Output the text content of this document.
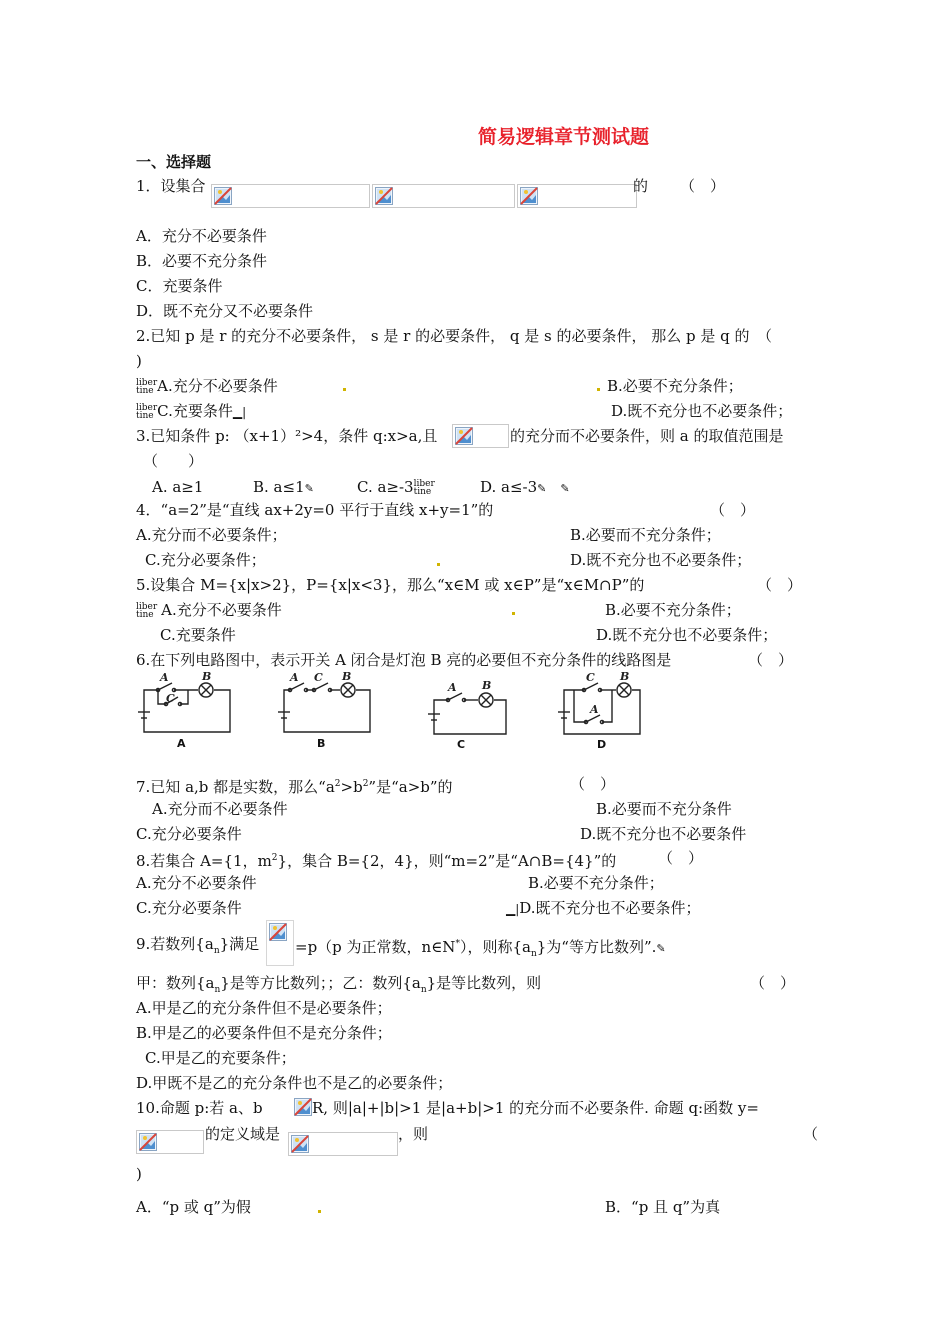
简易逻辑章节测试题
一、选择题
1．设集合	的 （　）
A．充分不必要条件
B．必要不充分条件
C．充要条件
D．既不充分又不必要条件
2.已知 p 是 r 的充分不必要条件， s 是 r 的必要条件， q 是 s 的必要条件， 那么 p 是 q 的　（
)
liber
tine A.充分不必要条件	B.必要不充分条件；
liber
tine C.充要条件▁|	D.既不充分也不必要条件；
3.已知条件 p: （x+1）²>4，条件 q:x>a,且	的充分而不必要条件，则 a 的取值范围是
（　　）
A. a≥1	B. a≤1✎	C. a≥-3liber
tine	D. a≤-3✎ ✎
4．“a=2”是“直线 ax+2y=0 平行于直线 x+y=1”的	（　）
A.充分而不必要条件；	B.必要而不充分条件；
C.充分必要条件；	D.既不充分也不必要条件；
5.设集合 M={x|x>2}，P={x|x<3}，那么“x∈M 或 x∈P”是“x∈M∩P”的	（　）
liber
tine A.充分不必要条件	B.必要不充分条件；
C.充要条件	D.既不充分也不必要条件；
6.在下列电路图中，表示开关 A 闭合是灯泡 B 亮的必要但不充分条件的线路图是	（　）
A
C
B
A
A C B
B
A B
C
C
A
B
D
7.已知 a,b 都是实数，那么“$a^2>b^2$”是“a>b”的	（　）
A.充分而不必要条件	B.必要而不充分条件
C.充分必要条件	D.既不充分也不必要条件
8.若集合 A={1，$m^2$}，集合 B={2，4}，则“m=2”是“A∩B={4}”的	（　）
A.充分不必要条件	B.必要不充分条件；
C.充分必要条件	▁|D.既不充分也不必要条件；
9.若数列$\{a_n\}$满足 =p（p 为正常数，n∈N*），则称$\{a_n\}$为“等方比数列”.✎
甲：数列$\{a_n\}$是等方比数列；；乙：数列$\{a_n\}$是等比数列，则	（　）
A.甲是乙的充分条件但不是必要条件；
B.甲是乙的必要条件但不是充分条件；
C.甲是乙的充要条件；
D.甲既不是乙的充分条件也不是乙的必要条件；
10.命题 p:若 a、b	R, 则|a|+|b|>1 是|a+b|>1 的充分而不必要条件. 命题 q:函数 y=
的定义域是	，则	（
)
A．“p 或 q”为假	B．“p 且 q”为真
